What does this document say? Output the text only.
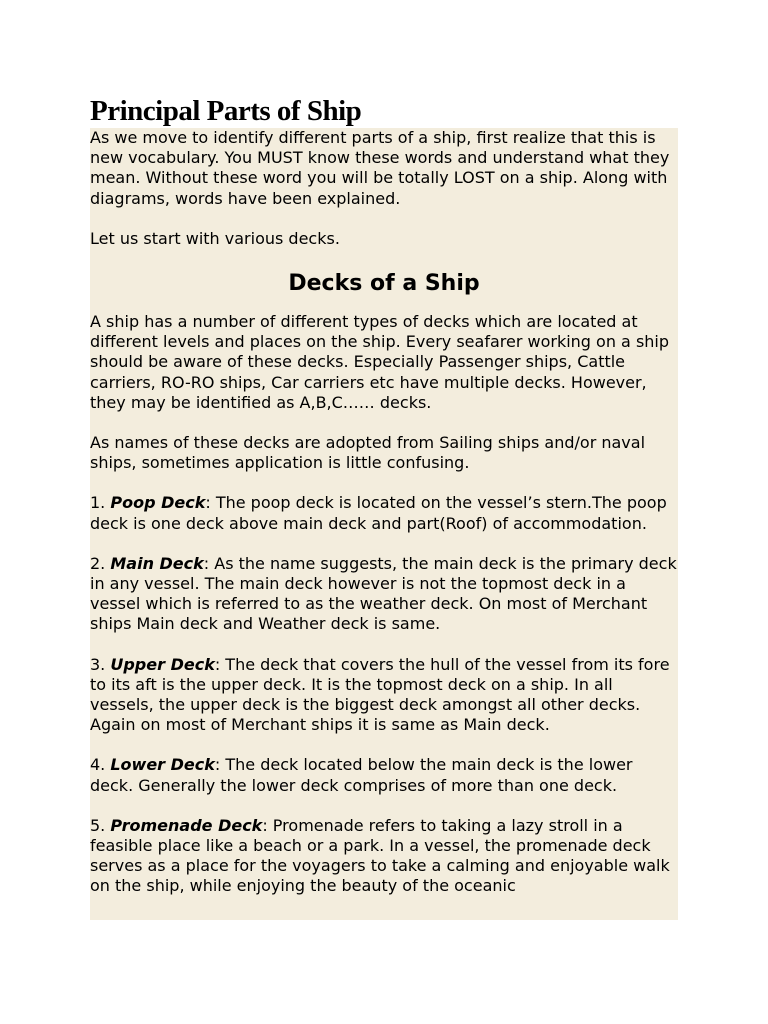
Principal Parts of Ship

As we move to identify different parts of a ship, first realize that this is new vocabulary. You MUST know these words and understand what they mean. Without these word you will be totally LOST on a ship. Along with diagrams, words have been explained.

Let us start with various decks.

Decks of a Ship

A ship has a number of different types of decks which are located at different levels and places on the ship. Every seafarer working on a ship should be aware of these decks. Especially Passenger ships, Cattle carriers, RO-RO ships, Car carriers etc have multiple decks. However, they may be identified as A,B,C…… decks.

As names of these decks are adopted from Sailing ships and/or naval ships, sometimes application is little confusing.

1. Poop Deck: The poop deck is located on the vessel’s stern.The poop deck is one deck above main deck and part(Roof) of accommodation.

2. Main Deck: As the name suggests, the main deck is the primary deck in any vessel. The main deck however is not the topmost deck in a vessel which is referred to as the weather deck. On most of Merchant ships Main deck and Weather deck is same.

3. Upper Deck: The deck that covers the hull of the vessel from its fore to its aft is the upper deck. It is the topmost deck on a ship. In all vessels, the upper deck is the biggest deck amongst all other decks. Again on most of Merchant ships it is same as Main deck.

4. Lower Deck: The deck located below the main deck is the lower deck. Generally the lower deck comprises of more than one deck.

5. Promenade Deck: Promenade refers to taking a lazy stroll in a feasible place like a beach or a park. In a vessel, the promenade deck serves as a place for the voyagers to take a calming and enjoyable walk on the ship, while enjoying the beauty of the oceanic
